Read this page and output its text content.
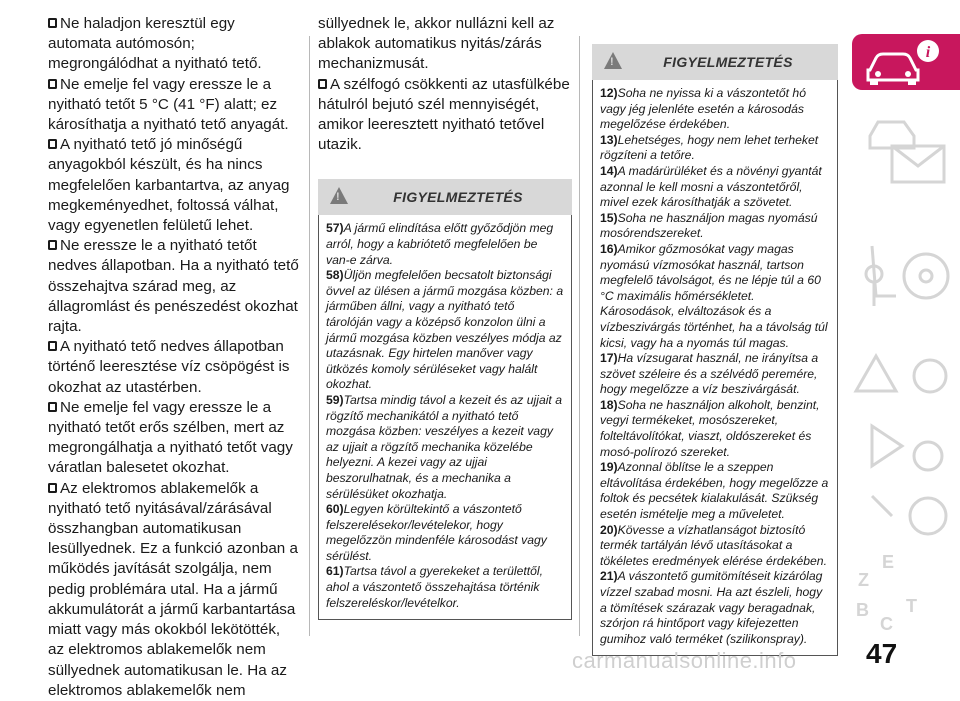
Ne haladjon keresztül egy automata autómosón; megrongálódhat a nyitható tető.

Ne emelje fel vagy eressze le a nyitható tetőt 5 °C (41 °F) alatt; ez károsíthatja a nyitható tető anyagát.

A nyitható tető jó minőségű anyagokból készült, és ha nincs megfelelően karbantartva, az anyag megkeményedhet, foltossá válhat, vagy egyenetlen felületű lehet.

Ne eressze le a nyitható tetőt nedves állapotban. Ha a nyitható tető összehajtva szárad meg, az állagromlást és penészedést okozhat rajta.

A nyitható tető nedves állapotban történő leeresztése víz csöpögést is okozhat az utastérben.

Ne emelje fel vagy eressze le a nyitható tetőt erős szélben, mert az megrongálhatja a nyitható tetőt vagy váratlan balesetet okozhat.

Az elektromos ablakemelők a nyitható tető nyitásával/zárásával összhangban automatikusan lesüllyednek. Ez a funkció azonban a működés javítását szolgálja, nem pedig problémára utal. Ha a jármű akkumulátorát a jármű karbantartása miatt vagy más okokból lekötötték, az elektromos ablakemelők nem süllyednek automatikusan le. Ha az elektromos ablakemelők nem

süllyednek le, akkor nullázni kell az ablakok automatikus nyitás/zárás mechanizmusát.

A szélfogó csökkenti az utasfülkébe hátulról bejutó szél mennyiségét, amikor leeresztett nyitható tetővel utazik.

!
FIGYELMEZTETÉS

57)A jármű elindítása előtt győződjön meg arról, hogy a kabriótető megfelelően be van-e zárva.

58)Üljön megfelelően becsatolt biztonsági övvel az ülésen a jármű mozgása közben: a járműben állni, vagy a nyitható tető tárolóján vagy a középső konzolon ülni a jármű mozgása közben veszélyes módja az utazásnak. Egy hirtelen manőver vagy ütközés komoly sérüléseket vagy halált okozhat.

59)Tartsa mindig távol a kezeit és az ujjait a rögzítő mechanikától a nyitható tető mozgása közben: veszélyes a kezeit vagy az ujjait a rögzítő mechanika közelébe helyezni. A kezei vagy az ujjai beszorulhatnak, és a mechanika a sérülésüket okozhatja.

60)Legyen körültekintő a vászontető felszerelésekor/levételekor, hogy megelőzzön mindenféle károsodást vagy sérülést.

61)Tartsa távol a gyerekeket a területtől, ahol a vászontető összehajtása történik felszereléskor/levételkor.

!
FIGYELMEZTETÉS

12)Soha ne nyissa ki a vászontetőt hó vagy jég jelenléte esetén a károsodás megelőzése érdekében.

13)Lehetséges, hogy nem lehet terheket rögzíteni a tetőre.

14)A madárürüléket és a növényi gyantát azonnal le kell mosni a vászontetőről, mivel ezek károsíthatják a szövetet.

15)Soha ne használjon magas nyomású mosórendszereket.

16)Amikor gőzmosókat vagy magas nyomású vízmosókat használ, tartson megfelelő távolságot, és ne lépje túl a 60 °C maximális hőmérsékletet. Károsodások, elváltozások és a vízbeszivárgás történhet, ha a távolság túl kicsi, vagy ha a nyomás túl magas.

17)Ha vízsugarat használ, ne irányítsa a szövet széleire és a szélvédő peremére, hogy megelőzze a víz beszivárgását.

18)Soha ne használjon alkoholt, benzint, vegyi termékeket, mosószereket, folteltávolítókat, viaszt, oldószereket és mosó-polírozó szereket.

19)Azonnal öblítse le a szeppen eltávolítása érdekében, hogy megelőzze a foltok és pecsétek kialakulását. Szükség esetén ismételje meg a műveletet.

20)Kövesse a vízhatlanságot biztosító termék tartályán lévő utasításokat a tökéletes eredmények elérése érdekében.

21)A vászontető gumitömítéseit kizárólag vízzel szabad mosni. Ha azt észleli, hogy a tömítések szárazak vagy beragadnak, szórjon rá hintőport vagy kifejezetten gumihoz való terméket (szilikonspray).

i
Z
E
B
C
T
47
carmanualsonline.info
